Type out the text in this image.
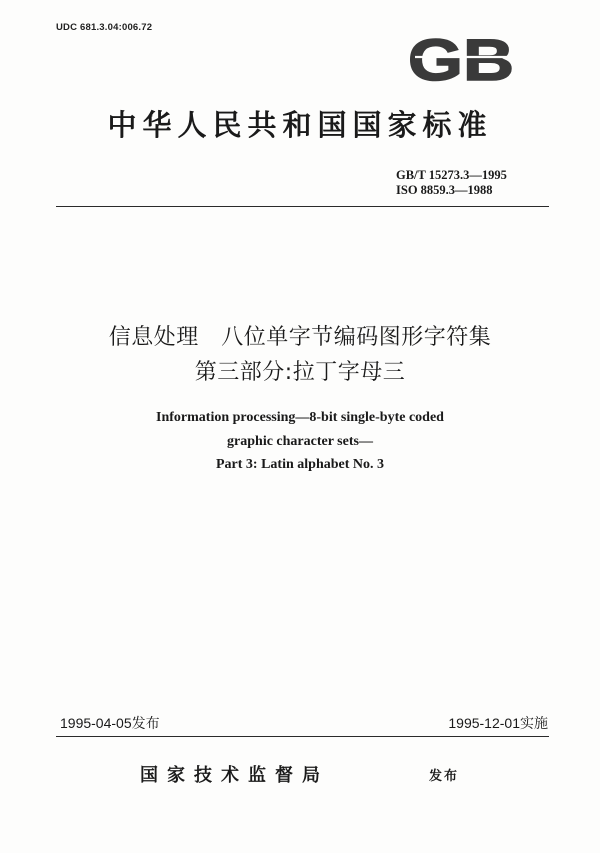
UDC 681.3.04:006.72
GB
中华人民共和国国家标准
GB/T 15273.3—1995
ISO 8859.3—1988
信息处理　八位单字节编码图形字符集
第三部分:拉丁字母三
Information processing—8-bit single-byte coded
graphic character sets—
Part 3: Latin alphabet No. 3
1995-04-05发布	1995-12-01实施
国家技术监督局	发布
